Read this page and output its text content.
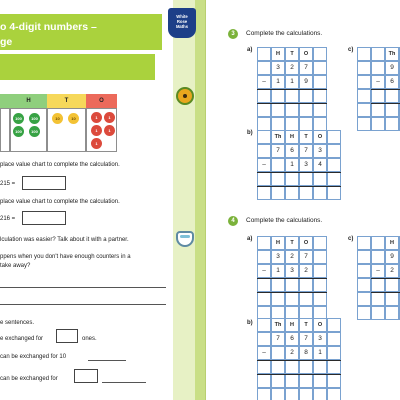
o 4-digit numbers –
ge
H	T	O
100	100
100	100
10	10	1	1
1	1
1
place value chart to complete the calculation.
215 =
place value chart to complete the calculation.
216 =
lculation was easier? Talk about it with a partner.
ppens when you don't have enough counters in a
take away?
e sentences.
e exchanged for	ones.
can be exchanged for 10
can be exchanged for
White
Rose
Maths
3	Complete the calculations.
a)	c)
b)
4	Complete the calculations.
a)	c)
b)
H	T	O
3	2	7
–	1	1	9
Th
9
–	6
Th	H	T	O
7	6	7	3
–	1	3	4
H	T	O
3	2	7
–	1	3	2
H
9
–	2
Th	H	T	O
7	6	7	3
–	2	8	1
